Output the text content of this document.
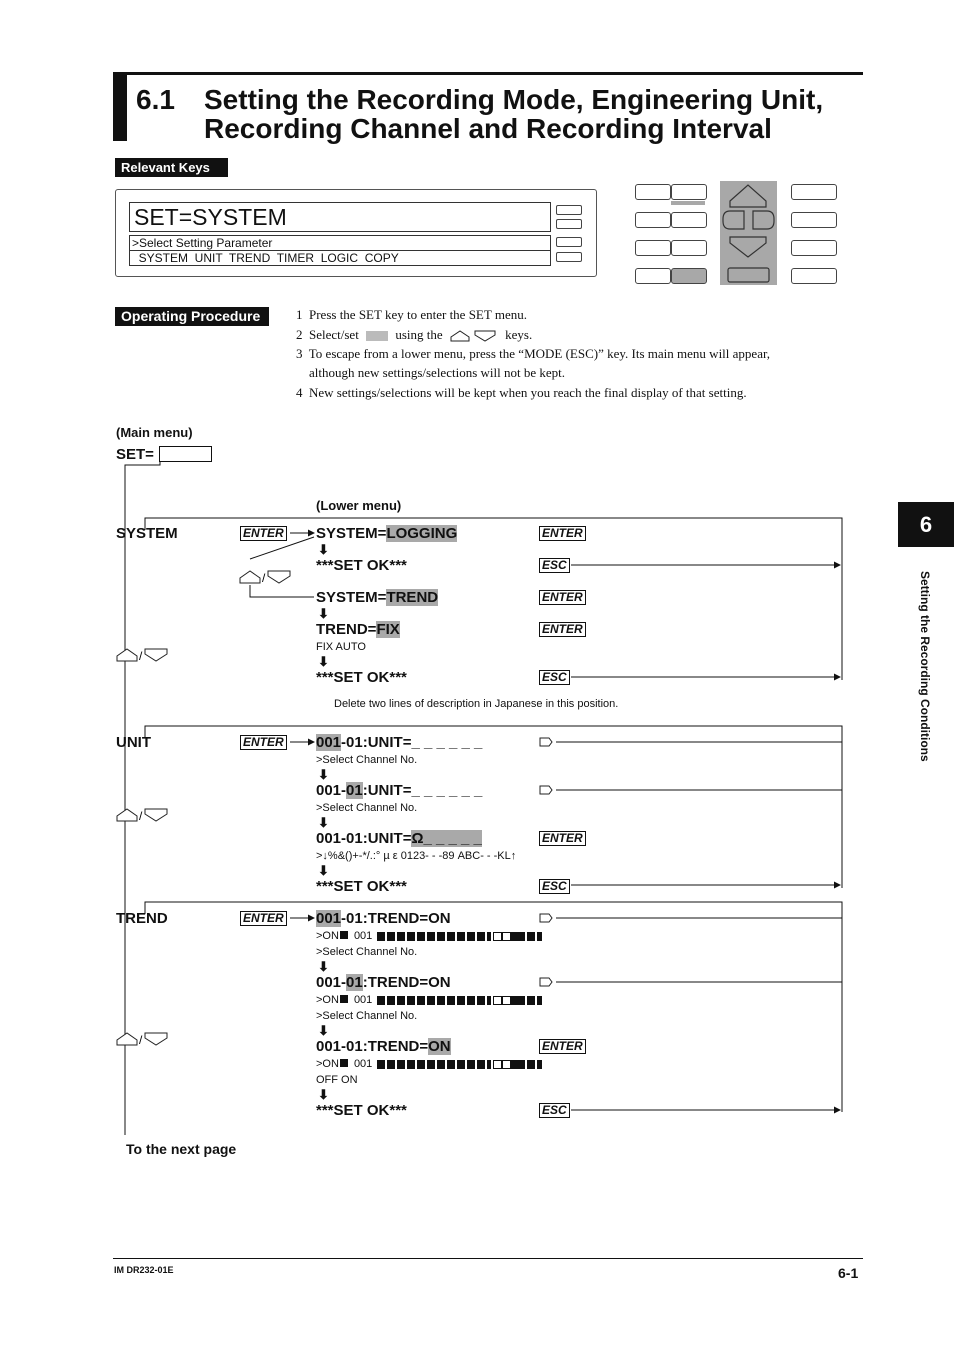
6.1 Setting the Recording Mode, Engineering Unit,
Recording Channel and Recording Interval
Relevant Keys
SET=SYSTEM
>Select Setting Parameter
SYSTEM  UNIT  TREND  TIMER  LOGIC  COPY
Operating Procedure	1 Press the SET key to enter the SET menu.
2 Select/set	using the	keys.
3 To escape from a lower menu, press the “MODE (ESC)” key. Its main menu will appear,
although new settings/selections will not be kept.
4 New settings/selections will be kept when you reach the final display of that setting.
(Main menu)
SET=
(Lower menu)
SYSTEM	ENTER SYSTEM=LOGGING	ENTER
⬇
***SET OK***	ESC
/
SYSTEM=TREND	ENTER
⬇
TREND=FIX	ENTER
FIX AUTO
/	⬇
***SET OK***	ESC
Delete two lines of description in Japanese in this position.
UNIT	ENTER 001-01:UNIT=_ _ _ _ _ _
>Select Channel No.
⬇
001-01:UNIT=_ _ _ _ _ _
>Select Channel No.
/	⬇
001-01:UNIT=Ω_ _ _ _ _	ENTER
>↓%&()+-*/.:° µ ε 0123- - -89 ABC- - -KL↑
⬇
***SET OK***	ESC
TREND	ENTER 001-01:TREND=ON
>ON 001
>Select Channel No.
⬇
001-01:TREND=ON
>ON 001
>Select Channel No.
/
⬇
001-01:TREND=ON	ENTER
>ON 001
OFF ON
⬇
***SET OK***	ESC
To the next page
6
Setting the Recording Conditions
IM DR232-01E	6-1
